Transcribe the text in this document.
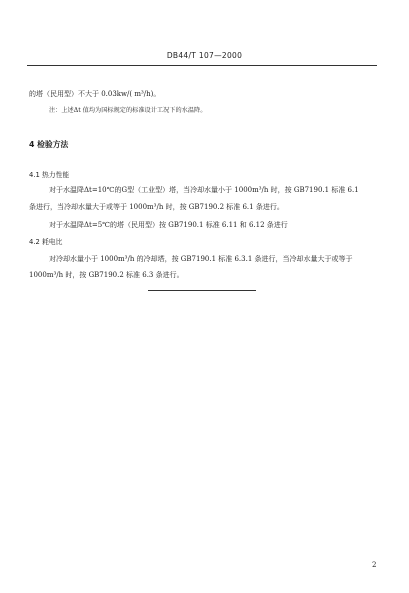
DB44/T 107—2000
的塔（民用型）不大于 0.03kw/( m³/h)。
注：上述Δt 值均为国标规定的标准设计工况下的水温降。
4 检验方法
4.1 热力性能
对于水温降Δt=10℃的G型（工业型）塔，当冷却水量小于 1000m³/h 时，按 GB7190.1 标准 6.1
条进行，当冷却水量大于或等于 1000m³/h 时，按 GB7190.2 标准 6.1 条进行。
对于水温降Δt=5℃的塔（民用型）按 GB7190.1 标准 6.11 和 6.12 条进行
4.2 耗电比
对冷却水量小于 1000m³/h 的冷却塔，按 GB7190.1 标准 6.3.1 条进行，当冷却水量大于或等于
1000m³/h 时，按 GB7190.2 标准 6.3 条进行。
2
